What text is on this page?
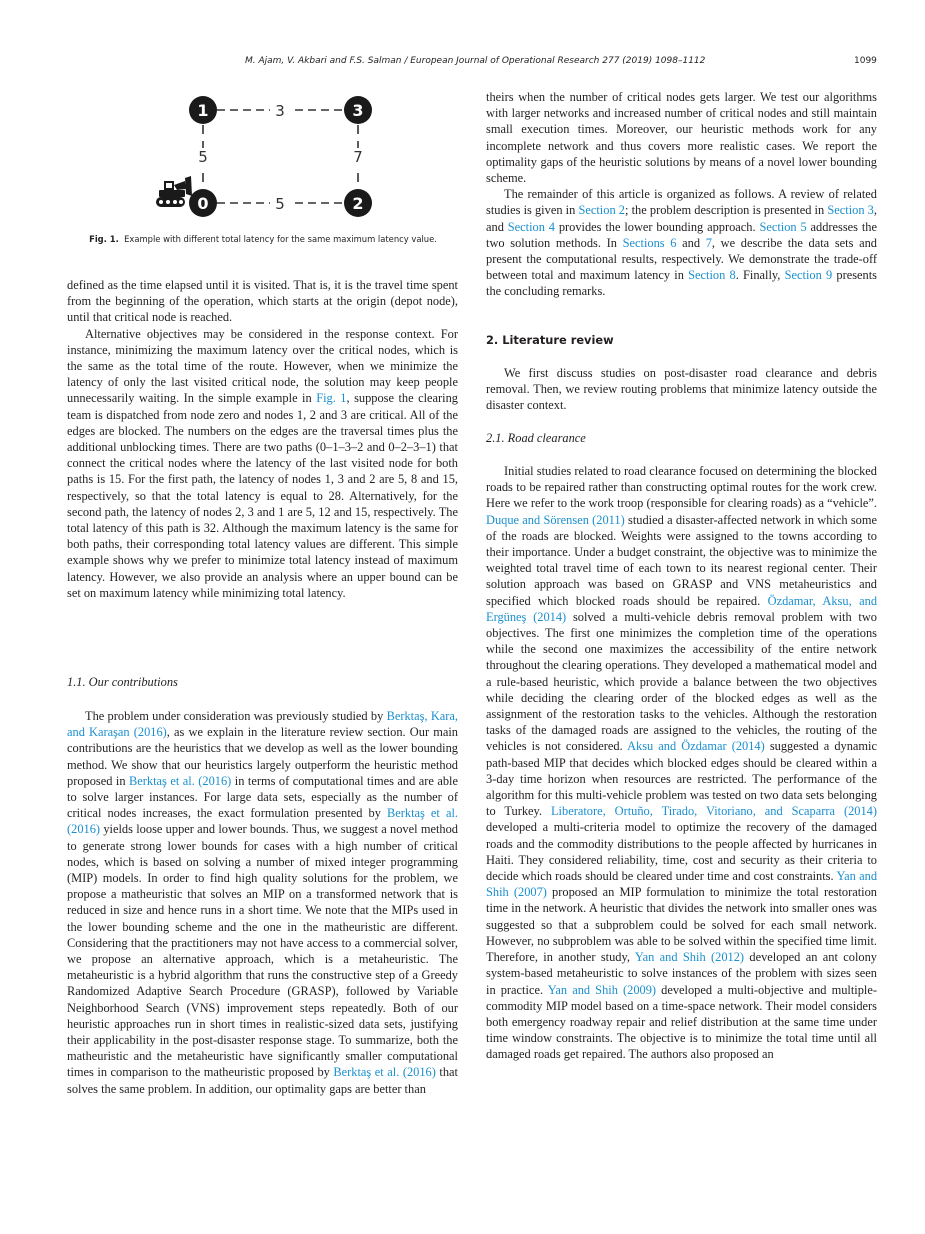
M. Ajam, V. Akbari and F.S. Salman / European Journal of Operational Research 277 (2019) 1098–1112	1099
3
5	7
5
1	3
0	2
Fig. 1. Example with different total latency for the same maximum latency value.

defined as the time elapsed until it is visited. That is, it is the travel time spent from the beginning of the operation, which starts at the origin (depot node), until that critical node is reached.

Alternative objectives may be considered in the response context. For instance, minimizing the maximum latency over the critical nodes, which is the same as the total time of the route. However, when we minimize the latency of only the last visited critical node, the solution may keep people unnecessarily waiting. In the simple example in Fig. 1, suppose the clearing team is dispatched from node zero and nodes 1, 2 and 3 are critical. All of the edges are blocked. The numbers on the edges are the traversal times plus the additional unblocking times. There are two paths (0–1–3–2 and 0–2–3–1) that connect the critical nodes where the latency of the last visited node for both paths is 15. For the first path, the latency of nodes 1, 3 and 2 are 5, 8 and 15, respectively, so that the total latency is equal to 28. Alternatively, for the second path, the latency of nodes 2, 3 and 1 are 5, 12 and 15, respectively. The total latency of this path is 32. Although the maximum latency is the same for both paths, their corresponding total latency values are different. This simple example shows why we prefer to minimize total latency instead of maximum latency. However, we also provide an analysis where an upper bound can be set on maximum latency while minimizing total latency.

1.1. Our contributions

The problem under consideration was previously studied by Berktaş, Kara, and Karaşan (2016), as we explain in the literature review section. Our main contributions are the heuristics that we develop as well as the lower bounding method. We show that our heuristics largely outperform the heuristic method proposed in Berktaş et al. (2016) in terms of computational times and are able to solve larger instances. For large data sets, especially as the number of critical nodes increases, the exact formulation presented by Berktaş et al. (2016) yields loose upper and lower bounds. Thus, we suggest a novel method to generate strong lower bounds for cases with a high number of critical nodes, which is based on solving a number of mixed integer programming (MIP) models. In order to find high quality solutions for the problem, we propose a matheuristic that solves an MIP on a transformed network that is reduced in size and hence runs in a short time. We note that the MIPs used in the lower bounding scheme and the one in the matheuristic are different. Considering that the practitioners may not have access to a commercial solver, we propose an alternative approach, which is a metaheuristic. The metaheuristic is a hybrid algorithm that runs the constructive step of a Greedy Randomized Adaptive Search Procedure (GRASP), followed by Variable Neighborhood Search (VNS) improvement steps repeatedly. Both of our heuristic approaches run in short times in realistic-sized data sets, justifying their applicability in the post-disaster response stage. To summarize, both the matheuristic and the metaheuristic have significantly smaller computational times in comparison to the matheuristic proposed by Berktaş et al. (2016) that solves the same problem. In addition, our optimality gaps are better than

theirs when the number of critical nodes gets larger. We test our algorithms with larger networks and increased number of critical nodes and still maintain small execution times. Moreover, our heuristic methods work for any incomplete network and thus covers more realistic cases. We report the optimality gaps of the heuristic solutions by means of a novel lower bounding scheme.

The remainder of this article is organized as follows. A review of related studies is given in Section 2; the problem description is presented in Section 3, and Section 4 provides the lower bounding approach. Section 5 addresses the two solution methods. In Sections 6 and 7, we describe the data sets and present the computational results, respectively. We demonstrate the trade-off between total and maximum latency in Section 8. Finally, Section 9 presents the concluding remarks.

2. Literature review

We first discuss studies on post-disaster road clearance and debris removal. Then, we review routing problems that minimize latency outside the disaster context.

2.1. Road clearance

Initial studies related to road clearance focused on determining the blocked roads to be repaired rather than constructing optimal routes for the work crew. Here we refer to the work troop (responsible for clearing roads) as a “vehicle”. Duque and Sörensen (2011) studied a disaster-affected network in which some of the roads are blocked. Weights were assigned to the towns according to their importance. Under a budget constraint, the objective was to minimize the weighted total travel time of each town to its nearest regional center. Their solution approach was based on GRASP and VNS metaheuristics and specified which blocked roads should be repaired. Özdamar, Aksu, and Ergüneş (2014) solved a multi-vehicle debris removal problem with two objectives. The first one minimizes the completion time of the operations while the second one maximizes the accessibility of the entire network throughout the clearing operations. They developed a mathematical model and a rule-based heuristic, which provide a balance between the two objectives while deciding the clearing order of the blocked edges as well as the assignment of the restoration tasks to the vehicles. Although the restoration tasks of the damaged roads are assigned to the vehicles, the routing of the vehicles is not considered. Aksu and Özdamar (2014) suggested a dynamic path-based MIP that decides which blocked edges should be cleared within a 3-day time horizon when resources are restricted. The performance of the algorithm for this multi-vehicle problem was tested on two data sets belonging to Turkey. Liberatore, Ortuño, Tirado, Vitoriano, and Scaparra (2014) developed a multi-criteria model to optimize the recovery of the damaged roads and the commodity distributions to the people affected by hurricanes in Haiti. They considered reliability, time, cost and security as their criteria to decide which roads should be cleared under time and cost constraints. Yan and Shih (2007) proposed an MIP formulation to minimize the total restoration time in the network. A heuristic that divides the network into smaller ones was suggested so that a subproblem could be solved for each small network. However, no subproblem was able to be solved within the specified time limit. Therefore, in another study, Yan and Shih (2012) developed an ant colony system-based metaheuristic to solve instances of the problem with sizes seen in practice. Yan and Shih (2009) developed a multi-objective and multiple-commodity MIP model based on a time-space network. Their model considers both emergency roadway repair and relief distribution at the same time under time window constraints. The objective is to minimize the total time until all damaged roads get repaired. The authors also proposed an
